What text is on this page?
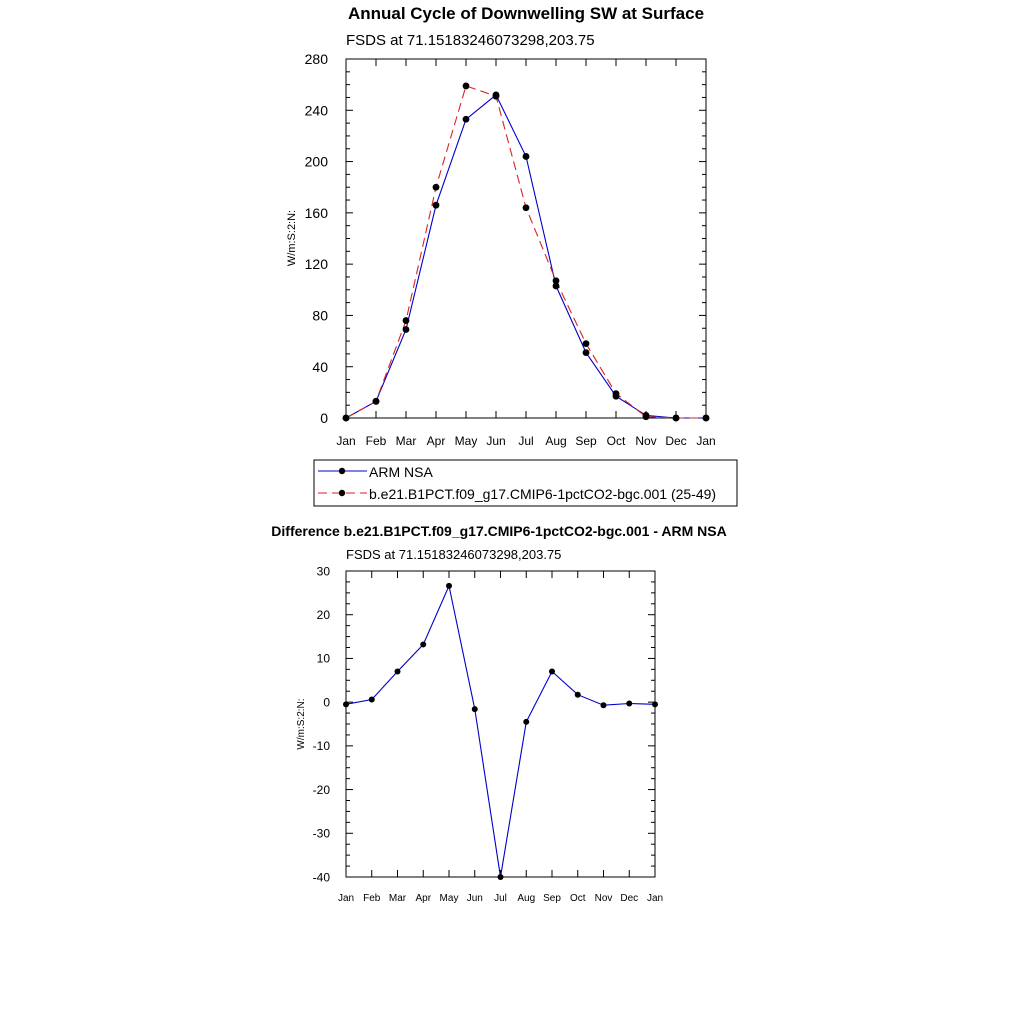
Annual Cycle of Downwelling SW at Surface
FSDS at 71.15183246073298,203.75
W/m:S:2:N:
Jan Feb Mar Apr May Jun Jul Aug Sep Oct Nov Dec Jan
0
40
80
120
160
200
240
280
ARM NSA
b.e21.B1PCT.f09_g17.CMIP6-1pctCO2-bgc.001 (25-49)
Difference b.e21.B1PCT.f09_g17.CMIP6-1pctCO2-bgc.001 - ARM NSA
FSDS at 71.15183246073298,203.75
W/m:S:2:N:
Jan Feb Mar Apr May Jun Jul Aug Sep Oct Nov Dec Jan
-40
-30
-20
-10
0
10
20
30
